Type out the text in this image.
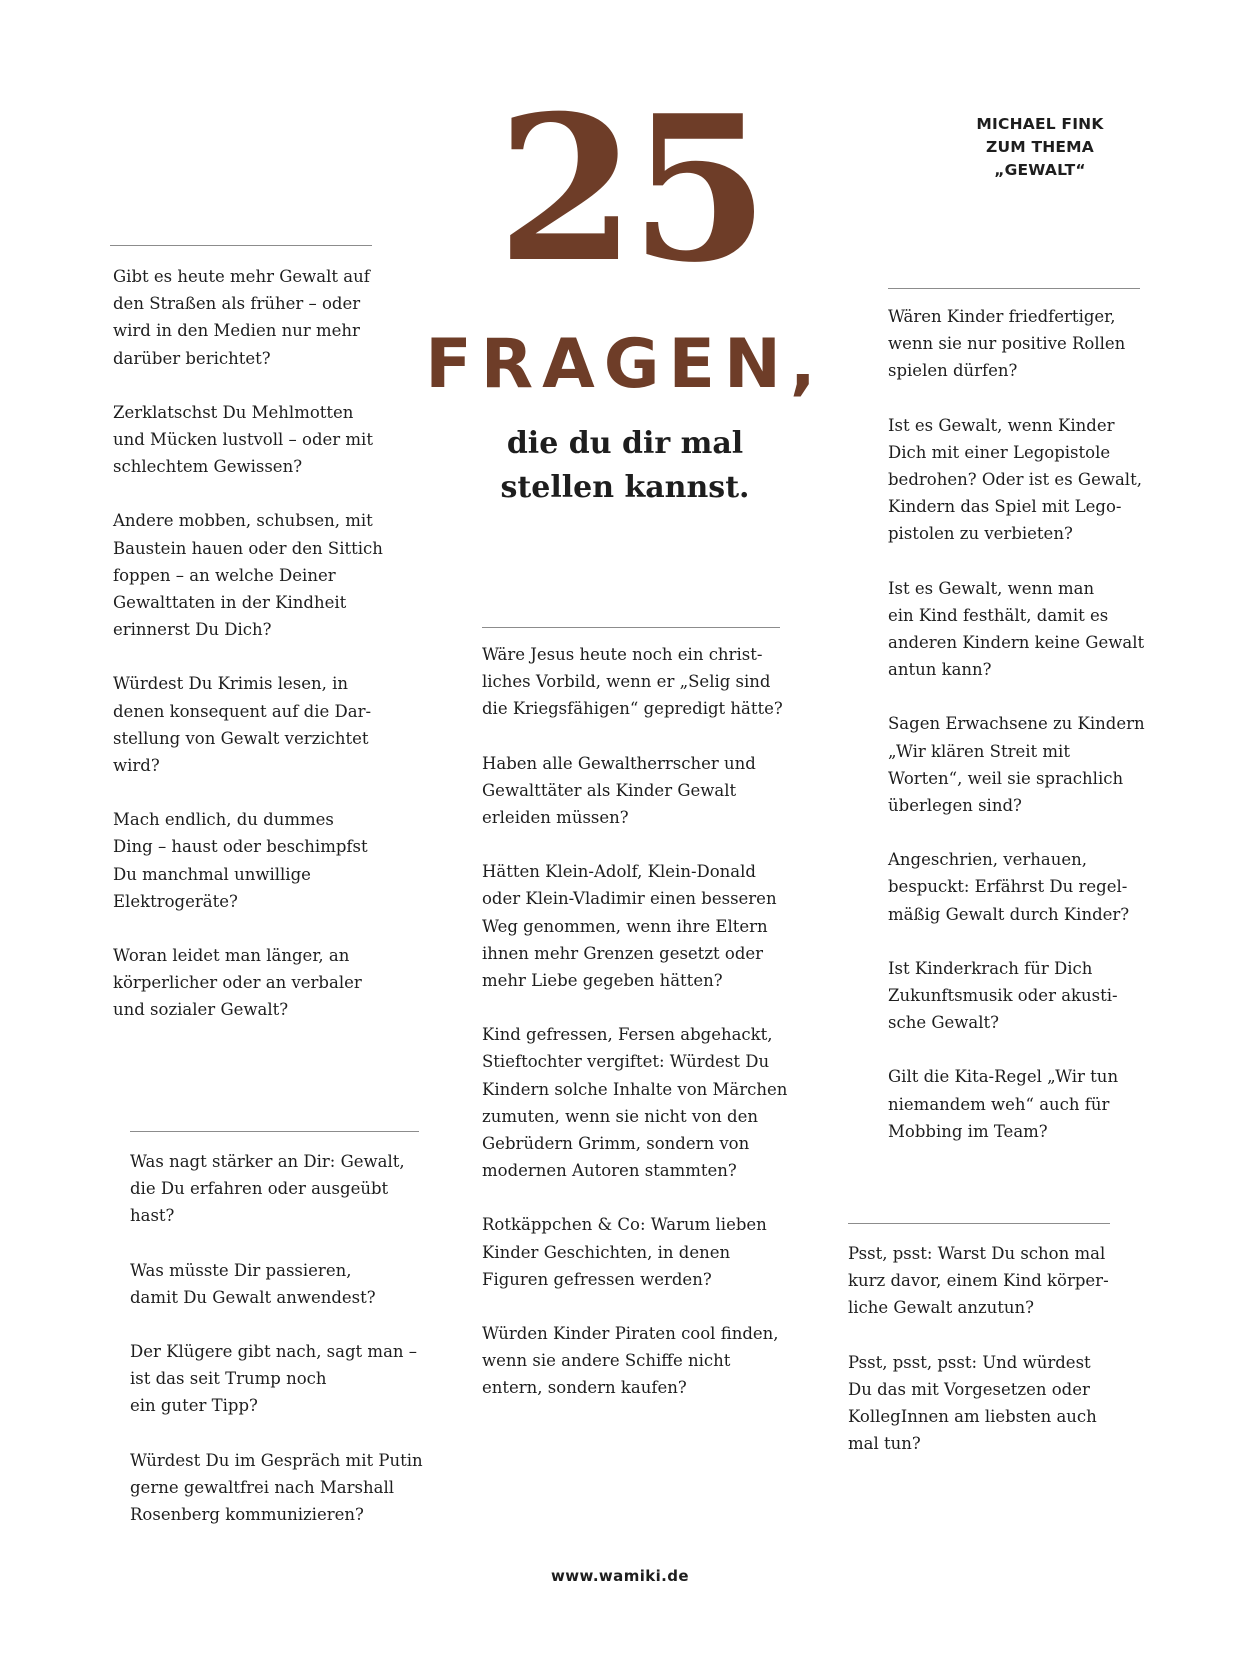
MICHAEL FINK
ZUM THEMA
„GEWALT“
25
FRAGEN,
die du dir mal
stellen kannst.
Gibt es heute mehr Gewalt auf
den Straßen als früher – oder
wird in den Medien nur mehr
darüber berichtet?
Zerklatschst Du Mehlmotten
und Mücken lustvoll – oder mit
schlechtem Gewissen?
Andere mobben, schubsen, mit
Baustein hauen oder den Sittich
foppen – an welche Deiner
Gewalttaten in der Kindheit
erinnerst Du Dich?
Würdest Du Krimis lesen, in
denen konsequent auf die Dar-
stellung von Gewalt verzichtet
wird?
Mach endlich, du dummes
Ding – haust oder beschimpfst
Du manchmal unwillige
Elektrogeräte?
Woran leidet man länger, an
körperlicher oder an verbaler
und sozialer Gewalt?
Was nagt stärker an Dir: Gewalt,
die Du erfahren oder ausgeübt
hast?
Was müsste Dir passieren,
damit Du Gewalt anwendest?
Der Klügere gibt nach, sagt man –
ist das seit Trump noch
ein guter Tipp?
Würdest Du im Gespräch mit Putin
gerne gewaltfrei nach Marshall
Rosenberg kommunizieren?
Wäre Jesus heute noch ein christ-
liches Vorbild, wenn er „Selig sind
die Kriegsfähigen“ gepredigt hätte?
Haben alle Gewaltherrscher und
Gewalttäter als Kinder Gewalt
erleiden müssen?
Hätten Klein-Adolf, Klein-Donald
oder Klein-Vladimir einen besseren
Weg genommen, wenn ihre Eltern
ihnen mehr Grenzen gesetzt oder
mehr Liebe gegeben hätten?
Kind gefressen, Fersen abgehackt,
Stieftochter vergiftet: Würdest Du
Kindern solche Inhalte von Märchen
zumuten, wenn sie nicht von den
Gebrüdern Grimm, sondern von
modernen Autoren stammten?
Rotkäppchen & Co: Warum lieben
Kinder Geschichten, in denen
Figuren gefressen werden?
Würden Kinder Piraten cool finden,
wenn sie andere Schiffe nicht
entern, sondern kaufen?
Wären Kinder friedfertiger,
wenn sie nur positive Rollen
spielen dürfen?
Ist es Gewalt, wenn Kinder
Dich mit einer Legopistole
bedrohen? Oder ist es Gewalt,
Kindern das Spiel mit Lego-
pistolen zu verbieten?
Ist es Gewalt, wenn man
ein Kind festhält, damit es
anderen Kindern keine Gewalt
antun kann?
Sagen Erwachsene zu Kindern
„Wir klären Streit mit
Worten“, weil sie sprachlich
überlegen sind?
Angeschrien, verhauen,
bespuckt: Erfährst Du regel-
mäßig Gewalt durch Kinder?
Ist Kinderkrach für Dich
Zukunftsmusik oder akusti-
sche Gewalt?
Gilt die Kita-Regel „Wir tun
niemandem weh“ auch für
Mobbing im Team?
Psst, psst: Warst Du schon mal
kurz davor, einem Kind körper-
liche Gewalt anzutun?
Psst, psst, psst: Und würdest
Du das mit Vorgesetzen oder
KollegInnen am liebsten auch
mal tun?
www.wamiki.de
